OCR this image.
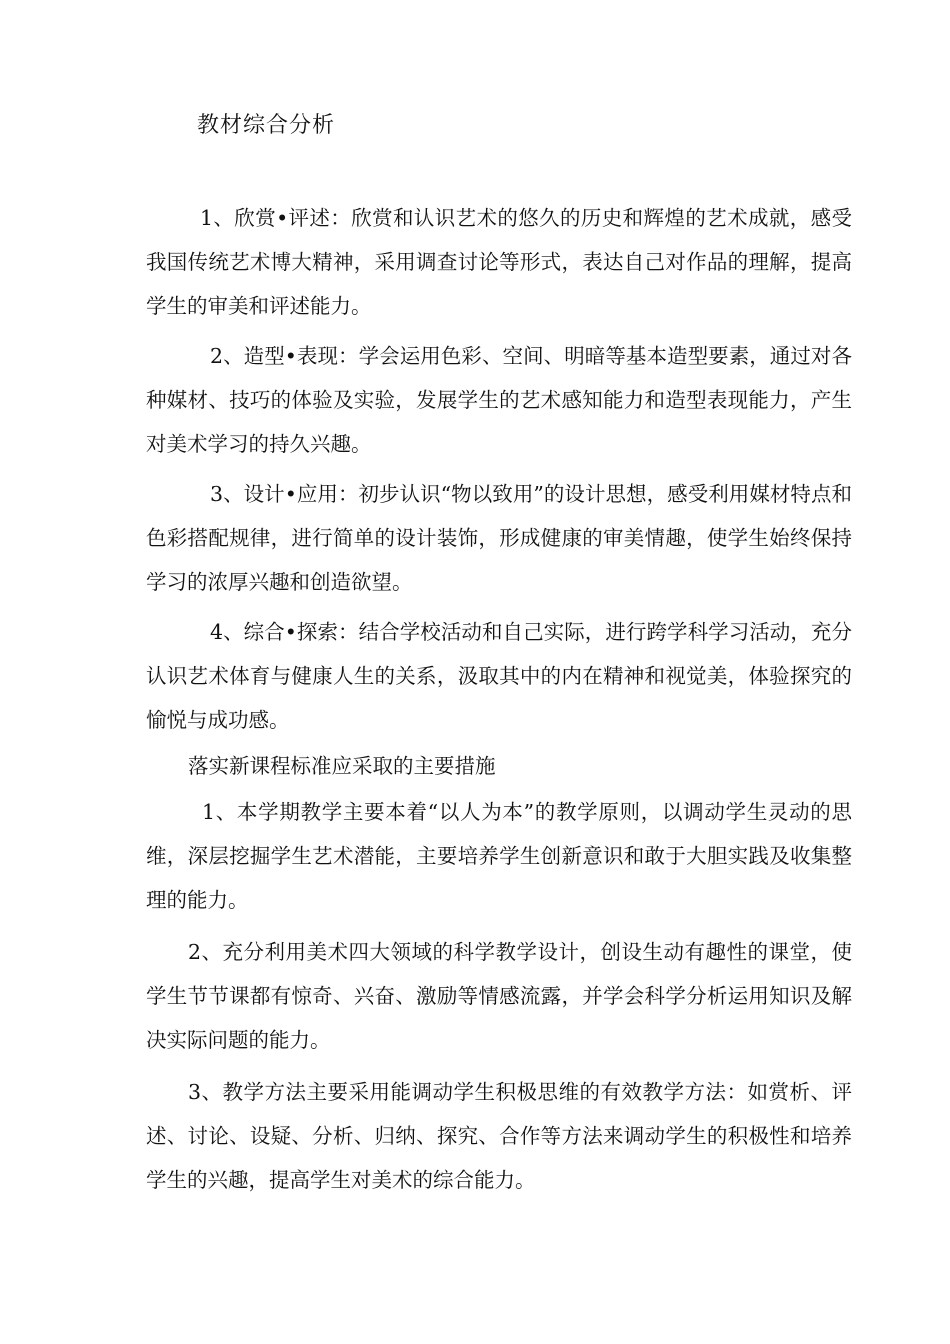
教材综合分析

1、欣赏•评述：欣赏和认识艺术的悠久的历史和辉煌的艺术成就，感受我国传统艺术博大精神，采用调查讨论等形式，表达自己对作品的理解，提高学生的审美和评述能力。

2、造型•表现：学会运用色彩、空间、明暗等基本造型要素，通过对各种媒材、技巧的体验及实验，发展学生的艺术感知能力和造型表现能力，产生对美术学习的持久兴趣。

3、设计•应用：初步认识“物以致用”的设计思想，感受利用媒材特点和色彩搭配规律，进行简单的设计装饰，形成健康的审美情趣，使学生始终保持学习的浓厚兴趣和创造欲望。

4、综合•探索：结合学校活动和自己实际，进行跨学科学习活动，充分认识艺术体育与健康人生的关系，汲取其中的内在精神和视觉美，体验探究的愉悦与成功感。

落实新课程标准应采取的主要措施

1、本学期教学主要本着“以人为本”的教学原则，以调动学生灵动的思维，深层挖掘学生艺术潜能，主要培养学生创新意识和敢于大胆实践及收集整理的能力。

2、充分利用美术四大领域的科学教学设计，创设生动有趣性的课堂，使学生节节课都有惊奇、兴奋、激励等情感流露，并学会科学分析运用知识及解决实际问题的能力。

3、教学方法主要采用能调动学生积极思维的有效教学方法：如赏析、评述、讨论、设疑、分析、归纳、探究、合作等方法来调动学生的积极性和培养学生的兴趣，提高学生对美术的综合能力。
